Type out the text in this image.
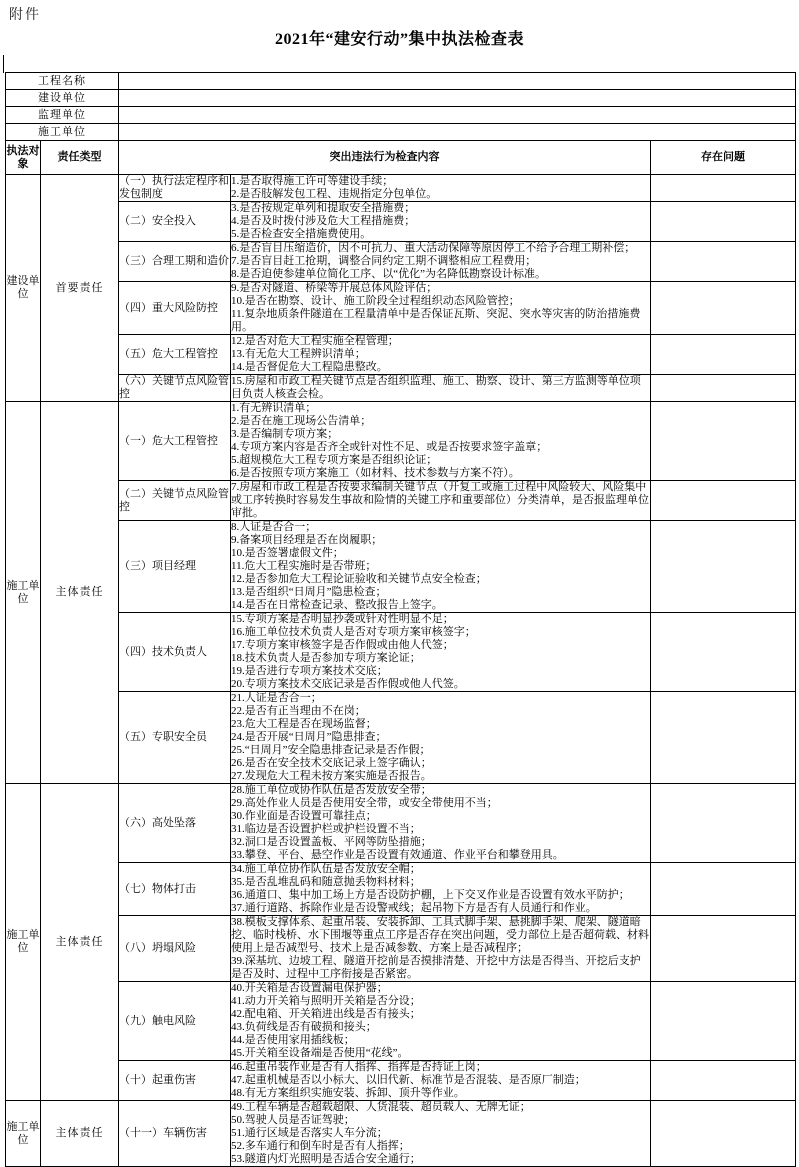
附件
2021年“建安行动”集中执法检查表
工程名称				
建设单位				
监理单位				
施工单位				
执法对象	责任类型	突出违法行为检查内容		存在问题
建设单位	首要责任	（一）执行法定程序和发包制度	1.是否取得施工许可等建设手续；
2.是否肢解发包工程、违规指定分包单位。	

		（二）安全投入	3.是否按规定单列和提取安全措施费；
4.是否及时拨付涉及危大工程措施费；
5.是否检查安全措施费使用。	

		（三）合理工期和造价	6.是否盲目压缩造价，因不可抗力、重大活动保障等原因停工不给予合理工期补偿；
7.是否盲目赶工抢期，调整合同约定工期不调整相应工程费用；
8.是否迫使参建单位简化工序、以“优化”为名降低勘察设计标准。	

		（四）重大风险防控	9.是否对隧道、桥梁等开展总体风险评估；
10.是否在勘察、设计、施工阶段全过程组织动态风险管控；
11.复杂地质条件隧道在工程量清单中是否保证瓦斯、突泥、突水等灾害的防治措施费用。	

		（五）危大工程管控	12.是否对危大工程实施全程管理；
13.有无危大工程辨识清单；
14.是否督促危大工程隐患整改。	

		（六）关键节点风险管控	15.房屋和市政工程关键节点是否组织监理、施工、勘察、设计、第三方监测等单位项目负责人核查会检。	

施工单位	主体责任	（一）危大工程管控	
1.有无辨识清单；
2.是否在施工现场公告清单；
3.是否编制专项方案；
4.专项方案内容是否齐全或针对性不足、或是否按要求签字盖章；
5.超规模危大工程专项方案是否组织论证；
6.是否按照专项方案施工（如材料、技术参数与方案不符）。

		（二）关键节点风险管控	7.房屋和市政工程是否按要求编制关键节点（开复工或施工过程中风险较大、风险集中或工序转换时容易发生事故和险情的关键工序和重要部位）分类清单，是否报监理单位审批。	

（三）项目经理	
8.人证是否合一；
9.备案项目经理是否在岗履职；
10.是否签署虚假文件；
11.危大工程实施时是否带班；
12.是否参加危大工程论证验收和关键节点安全检查；
13.是否组织“日周月”隐患检查；
14.是否在日常检查记录、整改报告上签字。

（四）技术负责人	
15.专项方案是否明显抄袭或针对性明显不足；
16.施工单位技术负责人是否对专项方案审核签字；
17.专项方案审核签字是否作假或由他人代签；
18.技术负责人是否参加专项方案论证；
19.是否进行专项方案技术交底；
20.专项方案技术交底记录是否作假或他人代签。

（五）专职安全员	
21.人证是否合一；
22.是否有正当理由不在岗；
23.危大工程是否在现场监督；
24.是否开展“日周月”隐患排查；
25.“日周月”安全隐患排查记录是否作假；
26.是否在安全技术交底记录上签字确认；
27.发现危大工程未按方案实施是否报告。

施工单位	主体责任	（六）高处坠落	
28.施工单位或协作队伍是否发放安全带；
29.高处作业人员是否使用安全带，或安全带使用不当；
30.作业面是否设置可靠挂点；
31.临边是否设置护栏或护栏设置不当；
32.洞口是否设置盖板、平网等防坠措施；
33.攀登、平台、悬空作业是否设置有效通道、作业平台和攀登用具。

		（七）物体打击	34.施工单位协作队伍是否发放安全帽；
35.是否乱堆乱码和随意抛丢物料材料；
36.通道口、集中加工场上方是否设防护棚，上下交叉作业是否设置有效水平防护；
37.通行道路、拆除作业是否设警戒线；起吊物下方是否有人员通行和作业。	

		（八）坍塌风险	38.模板支撑体系、起重吊装、安装拆卸、工具式脚手架、悬挑脚手架、爬架、隧道暗挖、临时栈桥、水下围堰等重点工序是否存在突出问题，受力部位上是否超荷载、材料使用上是否减型号、技术上是否减参数、方案上是否减程序；
39.深基坑、边坡工程、隧道开挖前是否摸排清楚、开挖中方法是否得当、开挖后支护是否及时、过程中工序衔接是否紧密。	

（九）触电风险	
40.开关箱是否设置漏电保护器；
41.动力开关箱与照明开关箱是否分设；
42.配电箱、开关箱进出线是否有接头；
43.负荷线是否有破损和接头；
44.是否使用家用插线板；
45.开关箱至设备端是否使用“花线”。

		（十）起重伤害	46.起重吊装作业是否有人指挥、指挥是否持证上岗；
47.起重机械是否以小标大、以旧代新、标准节是否混装、是否原厂制造；
48.有无方案组织实施安装、拆卸、顶升等作业。	

施工单位	主体责任	（十一）车辆伤害	49.工程车辆是否超载超限、人货混装、超员载人、无牌无证；
50.驾驶人员是否证驾驶；
51.通行区域是否落实人车分流；
52.多车通行和倒车时是否有人指挥；
53.隧道内灯光照明是否适合安全通行；	
